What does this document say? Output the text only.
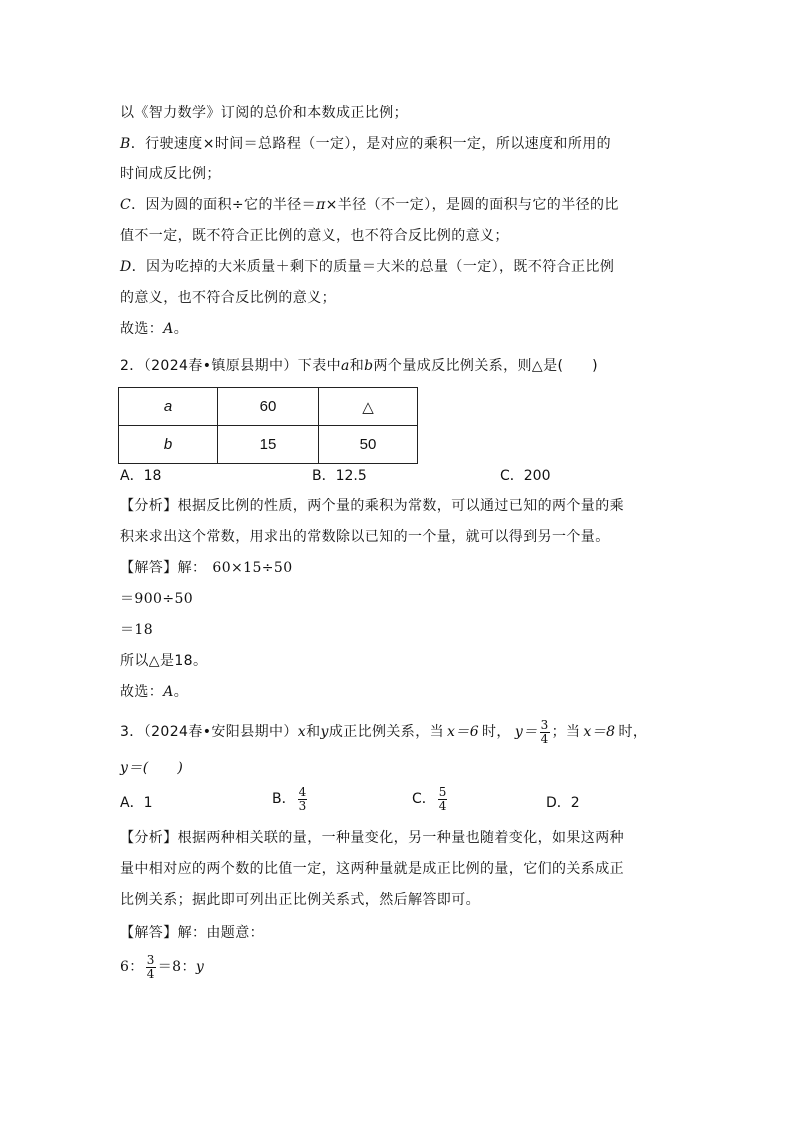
以《智力数学》订阅的总价和本数成正比例；
B．行驶速度×时间＝总路程（一定），是对应的乘积一定，所以速度和所用的
时间成反比例；
C．因为圆的面积÷它的半径＝π×半径（不一定），是圆的面积与它的半径的比
值不一定，既不符合正比例的意义，也不符合反比例的意义；
D．因为吃掉的大米质量＋剩下的质量＝大米的总量（一定），既不符合正比例
的意义，也不符合反比例的意义；
故选：A。
2．（2024春•镇原县期中）下表中a和b两个量成反比例关系，则△是(　　)
a	60	△
b	15	50
A．18	B．12.5	C．200
【分析】根据反比例的性质，两个量的乘积为常数，可以通过已知的两个量的乘
积来求出这个常数，用求出的常数除以已知的一个量，就可以得到另一个量。
【解答】解： 60×15÷50
＝900÷50
＝18
所以△是18。
故选：A。
3．（2024春•安阳县期中）x和y成正比例关系，当 x＝6 时， $y= \frac{3}{4}$ ；当 x＝8 时，
y＝(　　)
A．1	B． $\frac{4}{3}$	C． $\frac{5}{4}$	D．2
【分析】根据两种相关联的量，一种量变化，另一种量也随着变化，如果这两种
量中相对应的两个数的比值一定，这两种量就是成正比例的量，它们的关系成正
比例关系；据此即可列出正比例关系式，然后解答即可。
【解答】解：由题意：
6： $\frac{3}{4} =8$：y
